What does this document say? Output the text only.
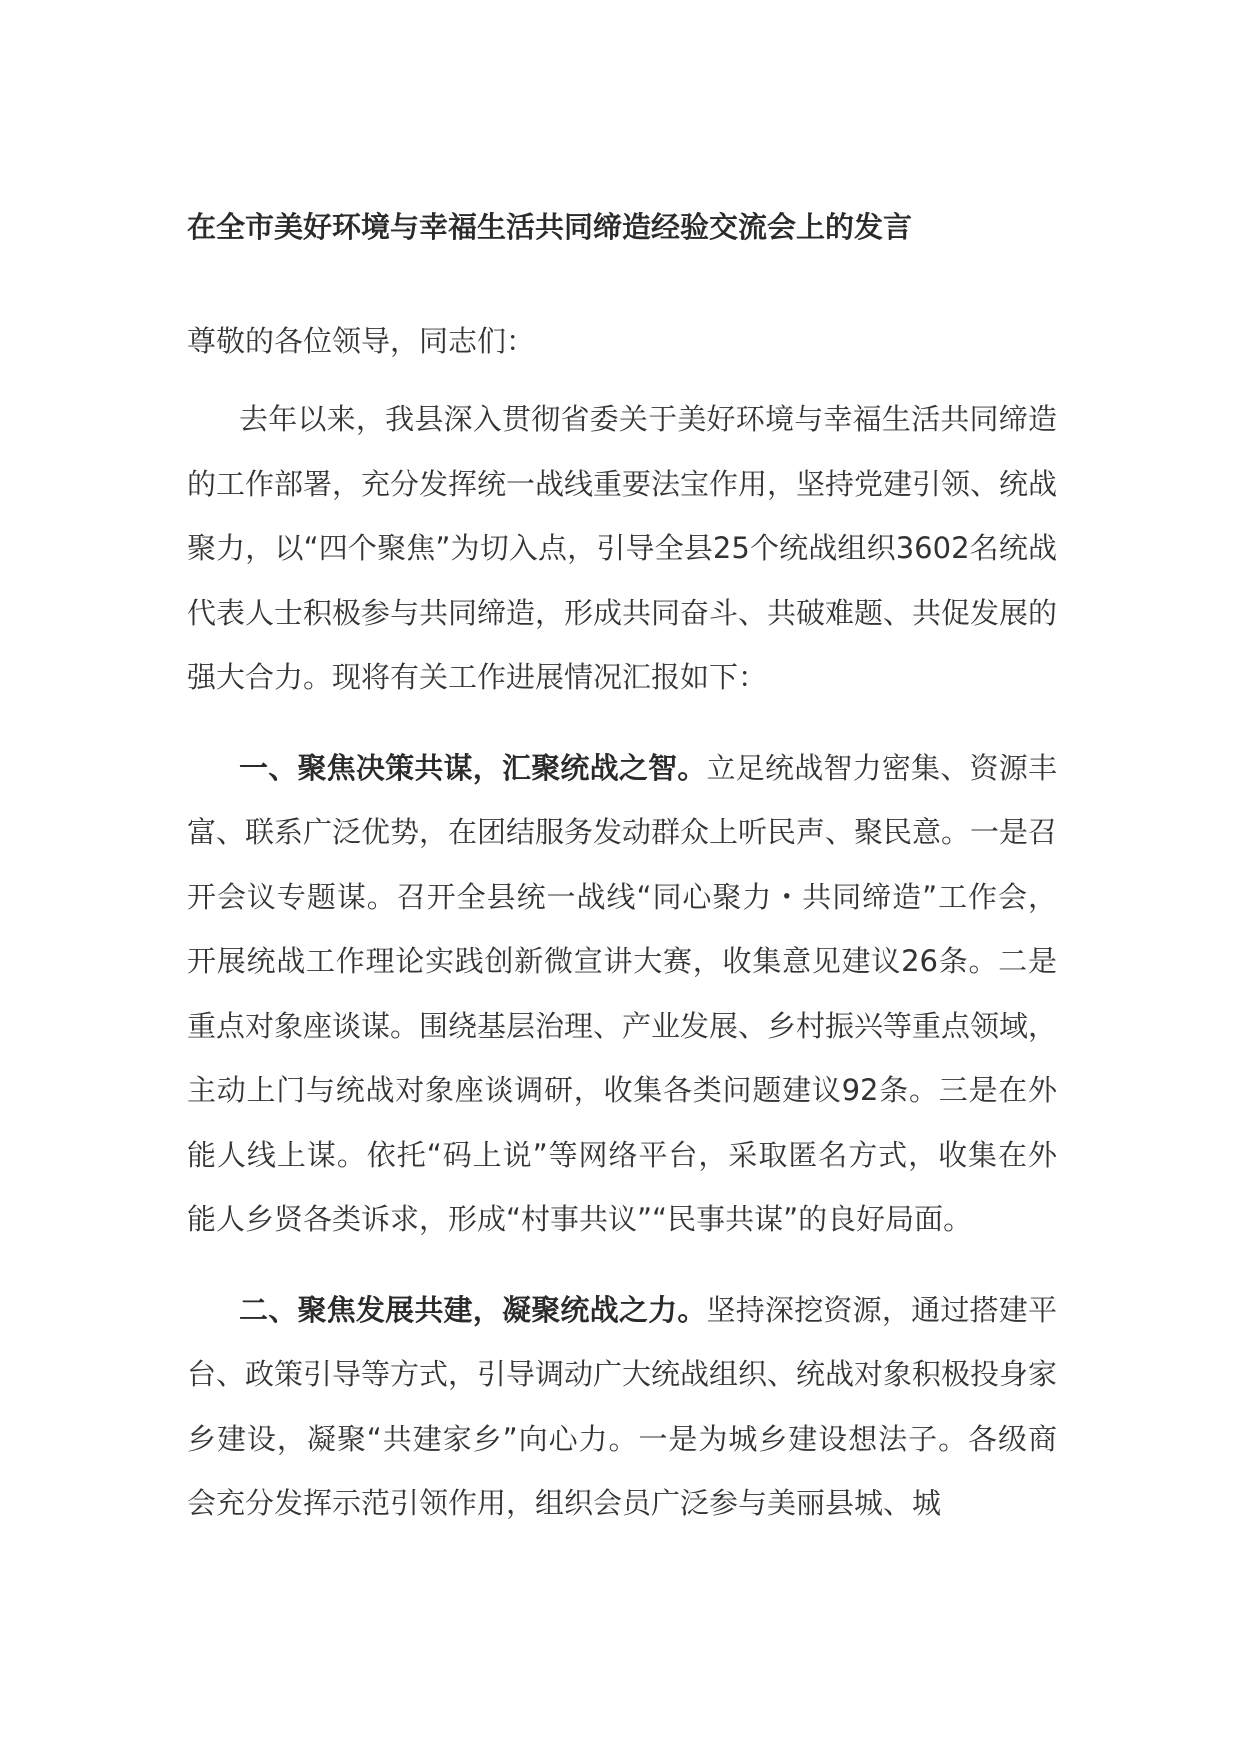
在全市美好环境与幸福生活共同缔造经验交流会上的发言

尊敬的各位领导，同志们：

去年以来，我县深入贯彻省委关于美好环境与幸福生活共同缔造的工作部署，充分发挥统一战线重要法宝作用，坚持党建引领、统战聚力，以“四个聚焦”为切入点，引导全县25个统战组织3602名统战代表人士积极参与共同缔造，形成共同奋斗、共破难题、共促发展的强大合力。现将有关工作进展情况汇报如下：

一、聚焦决策共谋，汇聚统战之智。立足统战智力密集、资源丰富、联系广泛优势，在团结服务发动群众上听民声、聚民意。一是召开会议专题谋。召开全县统一战线“同心聚力・共同缔造”工作会，开展统战工作理论实践创新微宣讲大赛，收集意见建议26条。二是重点对象座谈谋。围绕基层治理、产业发展、乡村振兴等重点领域，主动上门与统战对象座谈调研，收集各类问题建议92条。三是在外能人线上谋。依托“码上说”等网络平台，采取匿名方式，收集在外能人乡贤各类诉求，形成“村事共议”“民事共谋”的良好局面。

二、聚焦发展共建，凝聚统战之力。坚持深挖资源，通过搭建平台、政策引导等方式，引导调动广大统战组织、统战对象积极投身家乡建设，凝聚“共建家乡”向心力。一是为城乡建设想法子。各级商会充分发挥示范引领作用，组织会员广泛参与美丽县城、城
